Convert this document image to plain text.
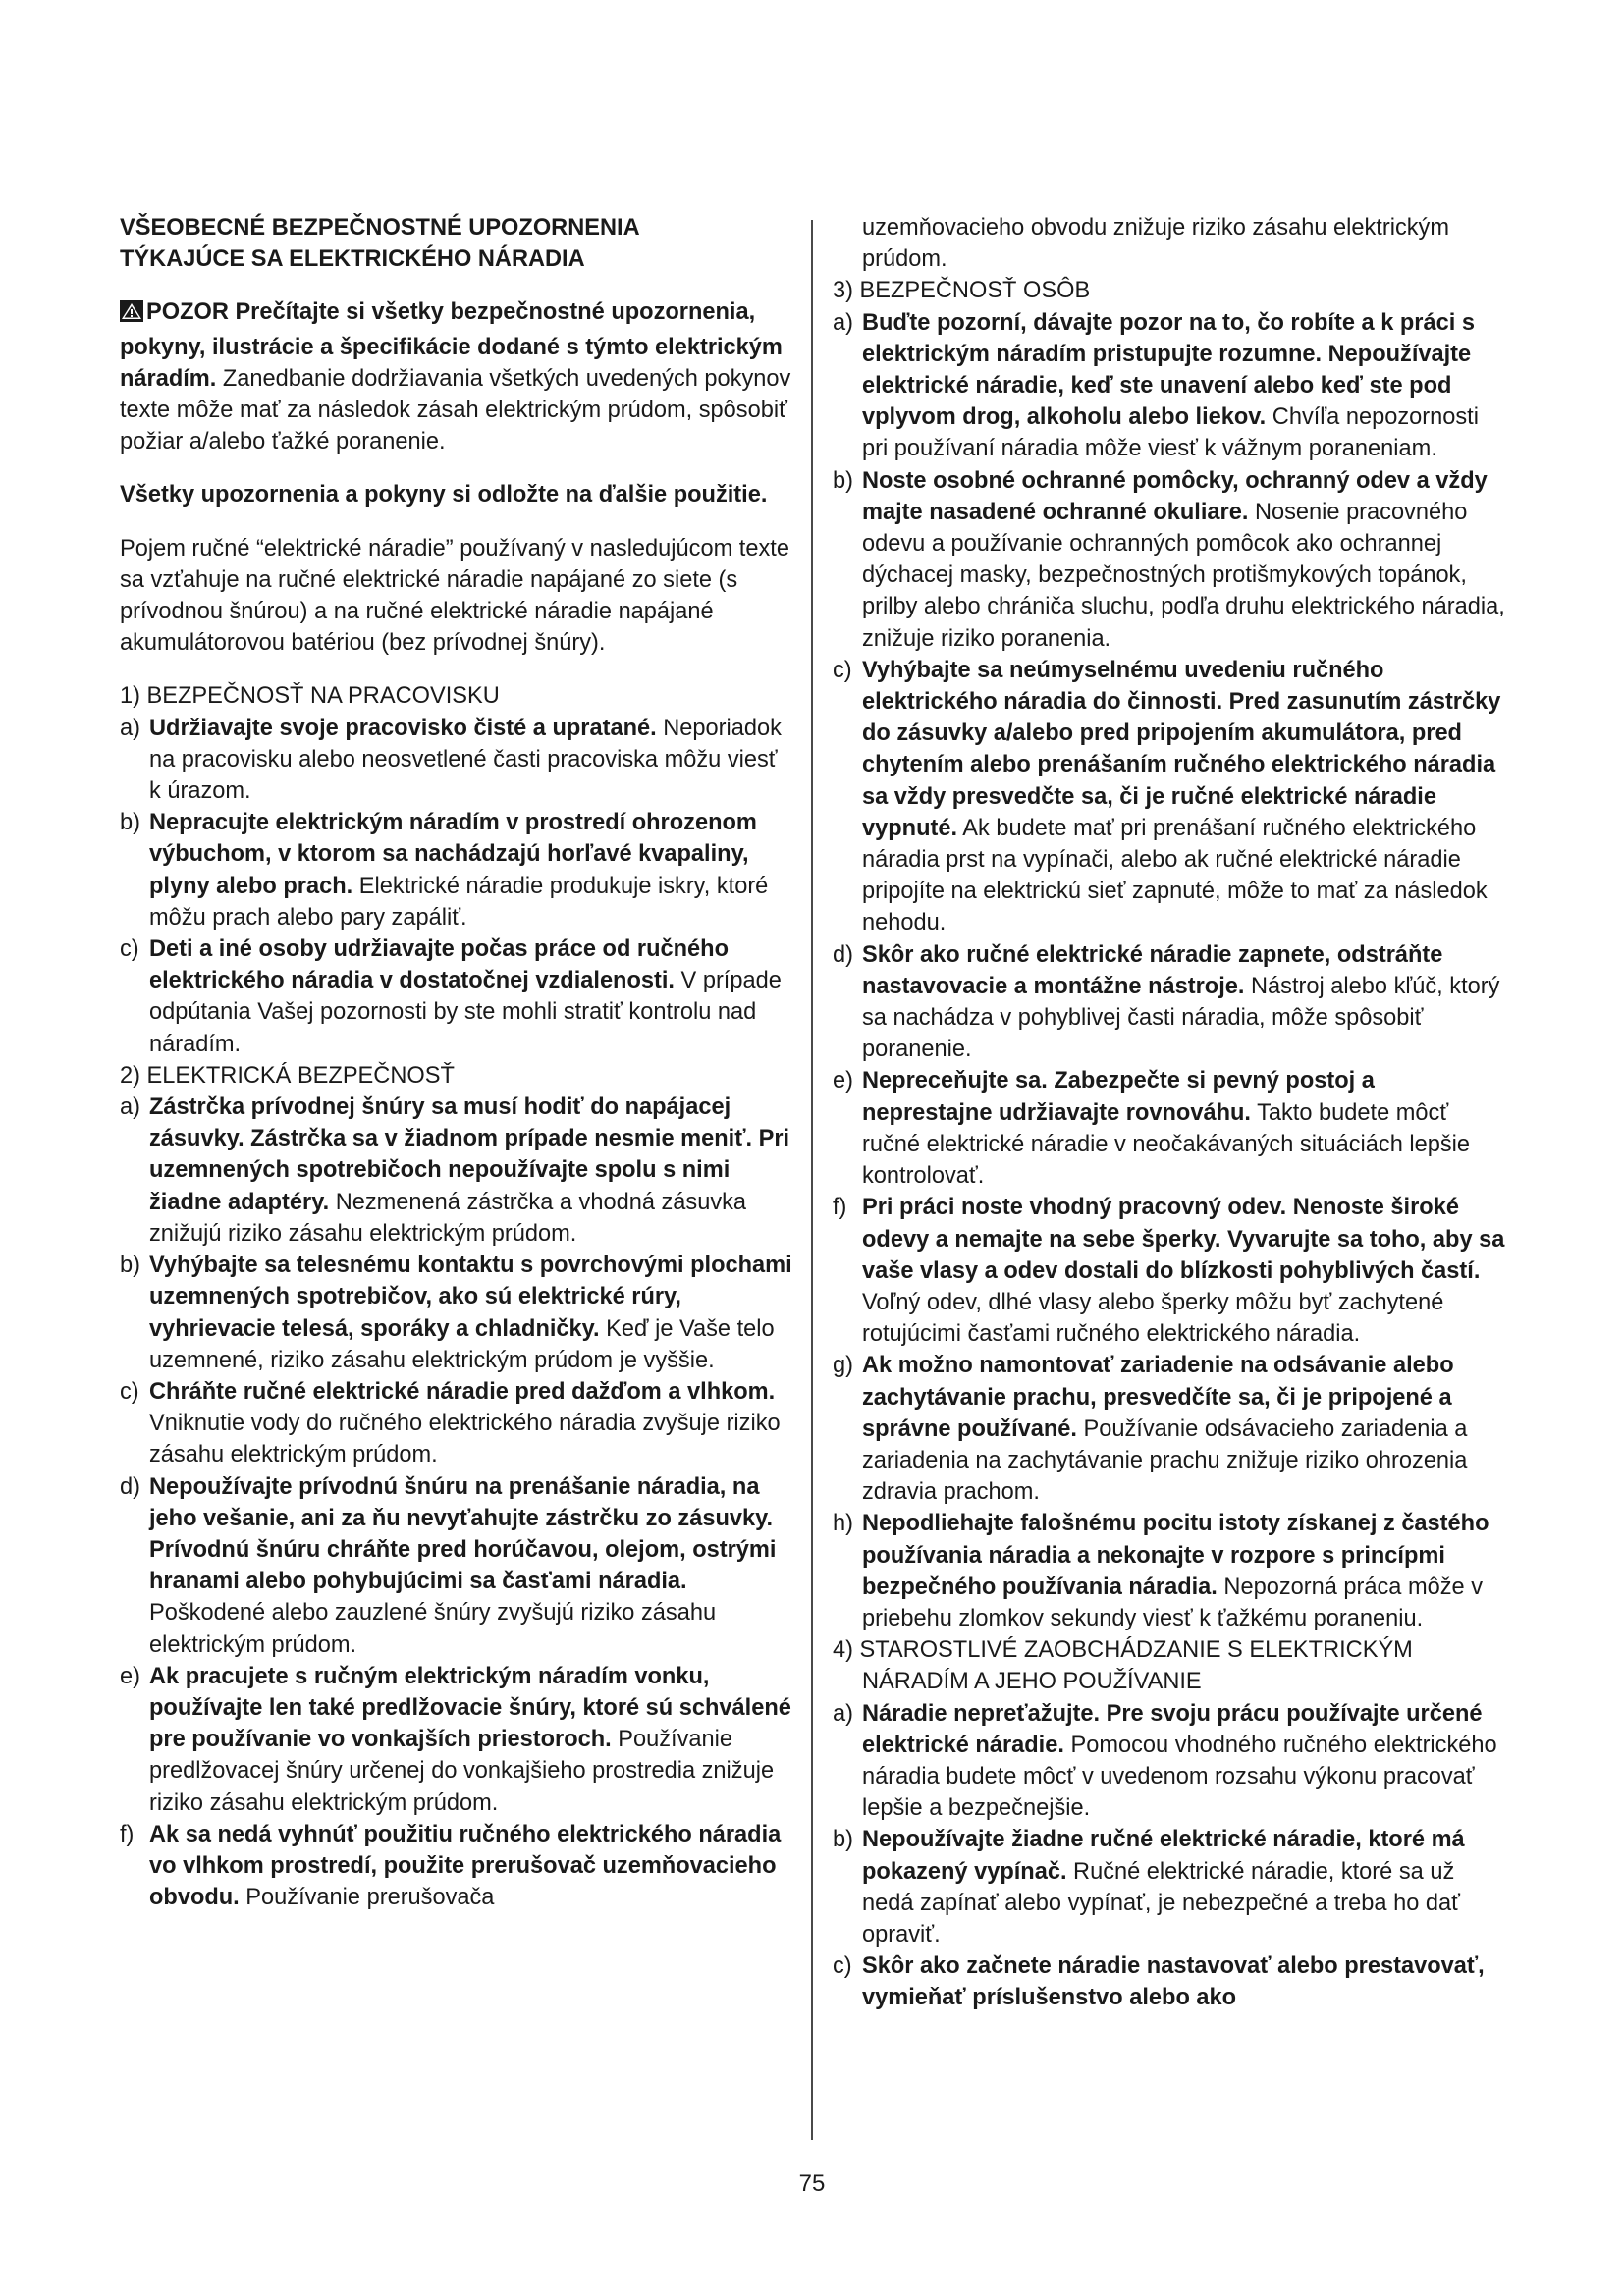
VŠEOBECNÉ BEZPEČNOSTNÉ UPOZORNENIA
TÝKAJÚCE SA ELEKTRICKÉHO NÁRADIA

POZOR Prečítajte si všetky bezpečnostné upozornenia, pokyny, ilustrácie a špecifikácie dodané s týmto elektrickým náradím. Zanedbanie dodržiavania všetkých uvedených pokynov texte môže mať za následok zásah elektrickým prúdom, spôsobiť požiar a/alebo ťažké poranenie.

Všetky upozornenia a pokyny si odložte na ďalšie použitie.

Pojem ručné “elektrické náradie” používaný v nasledujúcom texte sa vzťahuje na ručné elektrické náradie napájané zo siete (s prívodnou šnúrou) a na ručné elektrické náradie napájané akumulátorovou batériou (bez prívodnej šnúry).

1) BEZPEČNOSŤ NA PRACOVISKU

a) Udržiavajte svoje pracovisko čisté a upratané. Neporiadok na pracovisku alebo neosvetlené časti pracoviska môžu viesť k úrazom.

b) Nepracujte elektrickým náradím v prostredí ohrozenom výbuchom, v ktorom sa nachádzajú horľavé kvapaliny, plyny alebo prach. Elektrické náradie produkuje iskry, ktoré môžu prach alebo pary zapáliť.

c) Deti a iné osoby udržiavajte počas práce od ručného elektrického náradia v dostatočnej vzdialenosti. V prípade odpútania Vašej pozornosti by ste mohli stratiť kontrolu nad náradím.

2) ELEKTRICKÁ BEZPEČNOSŤ

a) Zástrčka prívodnej šnúry sa musí hodiť do napájacej zásuvky. Zástrčka sa v žiadnom prípade nesmie meniť. Pri uzemnených spotrebičoch nepoužívajte spolu s nimi žiadne adaptéry. Nezmenená zástrčka a vhodná zásuvka znižujú riziko zásahu elektrickým prúdom.

b) Vyhýbajte sa telesnému kontaktu s povrchovými plochami uzemnených spotrebičov, ako sú elektrické rúry, vyhrievacie telesá, sporáky a chladničky. Keď je Vaše telo uzemnené, riziko zásahu elektrickým prúdom je vyššie.

c) Chráňte ručné elektrické náradie pred dažďom a vlhkom. Vniknutie vody do ručného elektrického náradia zvyšuje riziko zásahu elektrickým prúdom.

d) Nepoužívajte prívodnú šnúru na prenášanie náradia, na jeho vešanie, ani za ňu nevyťahujte zástrčku zo zásuvky. Prívodnú šnúru chráňte pred horúčavou, olejom, ostrými hranami alebo pohybujúcimi sa časťami náradia. Poškodené alebo zauzlené šnúry zvyšujú riziko zásahu elektrickým prúdom.

e) Ak pracujete s ručným elektrickým náradím vonku, používajte len také predlžovacie šnúry, ktoré sú schválené pre používanie vo vonkajších priestoroch. Používanie predlžovacej šnúry určenej do vonkajšieho prostredia znižuje riziko zásahu elektrickým prúdom.

f) Ak sa nedá vyhnúť použitiu ručného elektrického náradia vo vlhkom prostredí, použite prerušovač uzemňovacieho obvodu. Používanie prerušovača

uzemňovacieho obvodu znižuje riziko zásahu elektrickým prúdom.

3) BEZPEČNOSŤ OSÔB

a) Buďte pozorní, dávajte pozor na to, čo robíte a k práci s elektrickým náradím pristupujte rozumne. Nepoužívajte elektrické náradie, keď ste unavení alebo keď ste pod vplyvom drog, alkoholu alebo liekov. Chvíľa nepozornosti pri používaní náradia môže viesť k vážnym poraneniam.

b) Noste osobné ochranné pomôcky, ochranný odev a vždy majte nasadené ochranné okuliare. Nosenie pracovného odevu a používanie ochranných pomôcok ako ochrannej dýchacej masky, bezpečnostných protišmykových topánok, prilby alebo chrániča sluchu, podľa druhu elektrického náradia, znižuje riziko poranenia.

c) Vyhýbajte sa neúmyselnému uvedeniu ručného elektrického náradia do činnosti. Pred zasunutím zástrčky do zásuvky a/alebo pred pripojením akumulátora, pred chytením alebo prenášaním ručného elektrického náradia sa vždy presvedčte sa, či je ručné elektrické náradie vypnuté. Ak budete mať pri prenášaní ručného elektrického náradia prst na vypínači, alebo ak ručné elektrické náradie pripojíte na elektrickú sieť zapnuté, môže to mať za následok nehodu.

d) Skôr ako ručné elektrické náradie zapnete, odstráňte nastavovacie a montážne nástroje. Nástroj alebo kľúč, ktorý sa nachádza v pohyblivej časti náradia, môže spôsobiť poranenie.

e) Nepreceňujte sa. Zabezpečte si pevný postoj a neprestajne udržiavajte rovnováhu. Takto budete môcť ručné elektrické náradie v neočakávaných situáciách lepšie kontrolovať.

f) Pri práci noste vhodný pracovný odev. Nenoste široké odevy a nemajte na sebe šperky. Vyvarujte sa toho, aby sa vaše vlasy a odev dostali do blízkosti pohyblivých častí. Voľný odev, dlhé vlasy alebo šperky môžu byť zachytené rotujúcimi časťami ručného elektrického náradia.

g) Ak možno namontovať zariadenie na odsávanie alebo zachytávanie prachu, presvedčíte sa, či je pripojené a správne používané. Používanie odsávacieho zariadenia a zariadenia na zachytávanie prachu znižuje riziko ohrozenia zdravia prachom.

h) Nepodliehajte falošnému pocitu istoty získanej z častého používania náradia a nekonajte v rozpore s princípmi bezpečného používania náradia. Nepozorná práca môže v priebehu zlomkov sekundy viesť k ťažkému poraneniu.

4) STAROSTLIVÉ ZAOBCHÁDZANIE S ELEKTRICKÝM
NÁRADÍM A JEHO POUŽÍVANIE

a) Náradie nepreťažujte. Pre svoju prácu používajte určené elektrické náradie. Pomocou vhodného ručného elektrického náradia budete môcť v uvedenom rozsahu výkonu pracovať lepšie a bezpečnejšie.

b) Nepoužívajte žiadne ručné elektrické náradie, ktoré má pokazený vypínač. Ručné elektrické náradie, ktoré sa už nedá zapínať alebo vypínať, je nebezpečné a treba ho dať opraviť.

c) Skôr ako začnete náradie nastavovať alebo prestavovať, vymieňať príslušenstvo alebo ako

75
